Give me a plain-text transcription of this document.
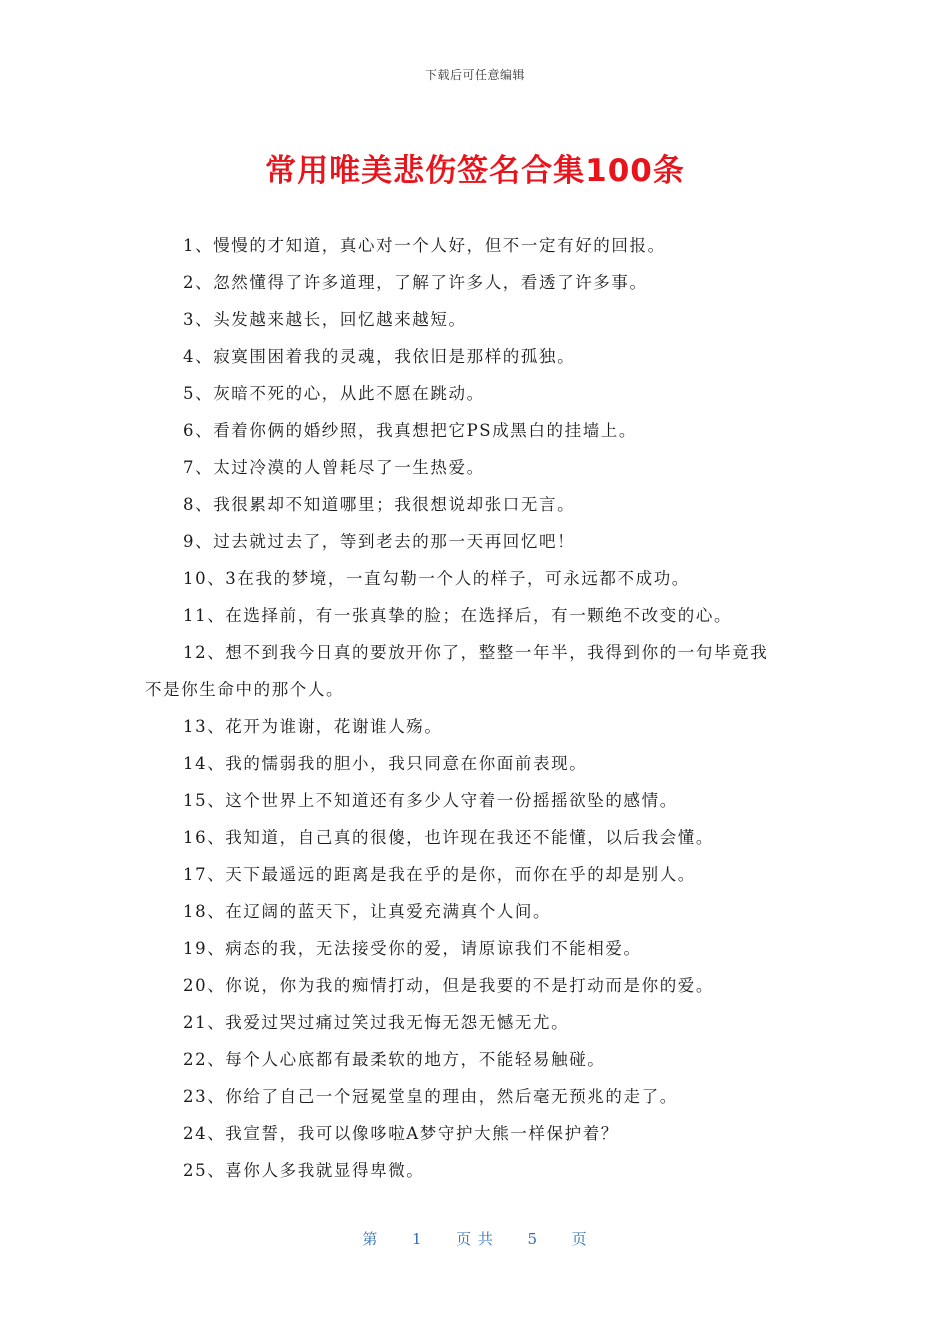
下载后可任意编辑
常用唯美悲伤签名合集100条
1、慢慢的才知道，真心对一个人好，但不一定有好的回报。
2、忽然懂得了许多道理，了解了许多人，看透了许多事。
3、头发越来越长，回忆越来越短。
4、寂寞围困着我的灵魂，我依旧是那样的孤独。
5、灰暗不死的心，从此不愿在跳动。
6、看着你俩的婚纱照，我真想把它PS成黑白的挂墙上。
7、太过冷漠的人曾耗尽了一生热爱。
8、我很累却不知道哪里；我很想说却张口无言。
9、过去就过去了，等到老去的那一天再回忆吧！
10、3在我的梦境，一直勾勒一个人的样子，可永远都不成功。
11、在选择前，有一张真挚的脸；在选择后，有一颗绝不改变的心。
12、想不到我今日真的要放开你了，整整一年半，我得到你的一句毕竟我
不是你生命中的那个人。
13、花开为谁谢，花谢谁人殇。
14、我的懦弱我的胆小，我只同意在你面前表现。
15、这个世界上不知道还有多少人守着一份摇摇欲坠的感情。
16、我知道，自己真的很傻，也许现在我还不能懂，以后我会懂。
17、天下最遥远的距离是我在乎的是你，而你在乎的却是别人。
18、在辽阔的蓝天下，让真爱充满真个人间。
19、病态的我，无法接受你的爱，请原谅我们不能相爱。
20、你说，你为我的痴情打动，但是我要的不是打动而是你的爱。
21、我爱过哭过痛过笑过我无悔无怨无憾无尤。
22、每个人心底都有最柔软的地方，不能轻易触碰。
23、你给了自己一个冠冕堂皇的理由，然后毫无预兆的走了。
24、我宣誓，我可以像哆啦A梦守护大熊一样保护着？
25、喜你人多我就显得卑微。
第 1 页 共 5 页
